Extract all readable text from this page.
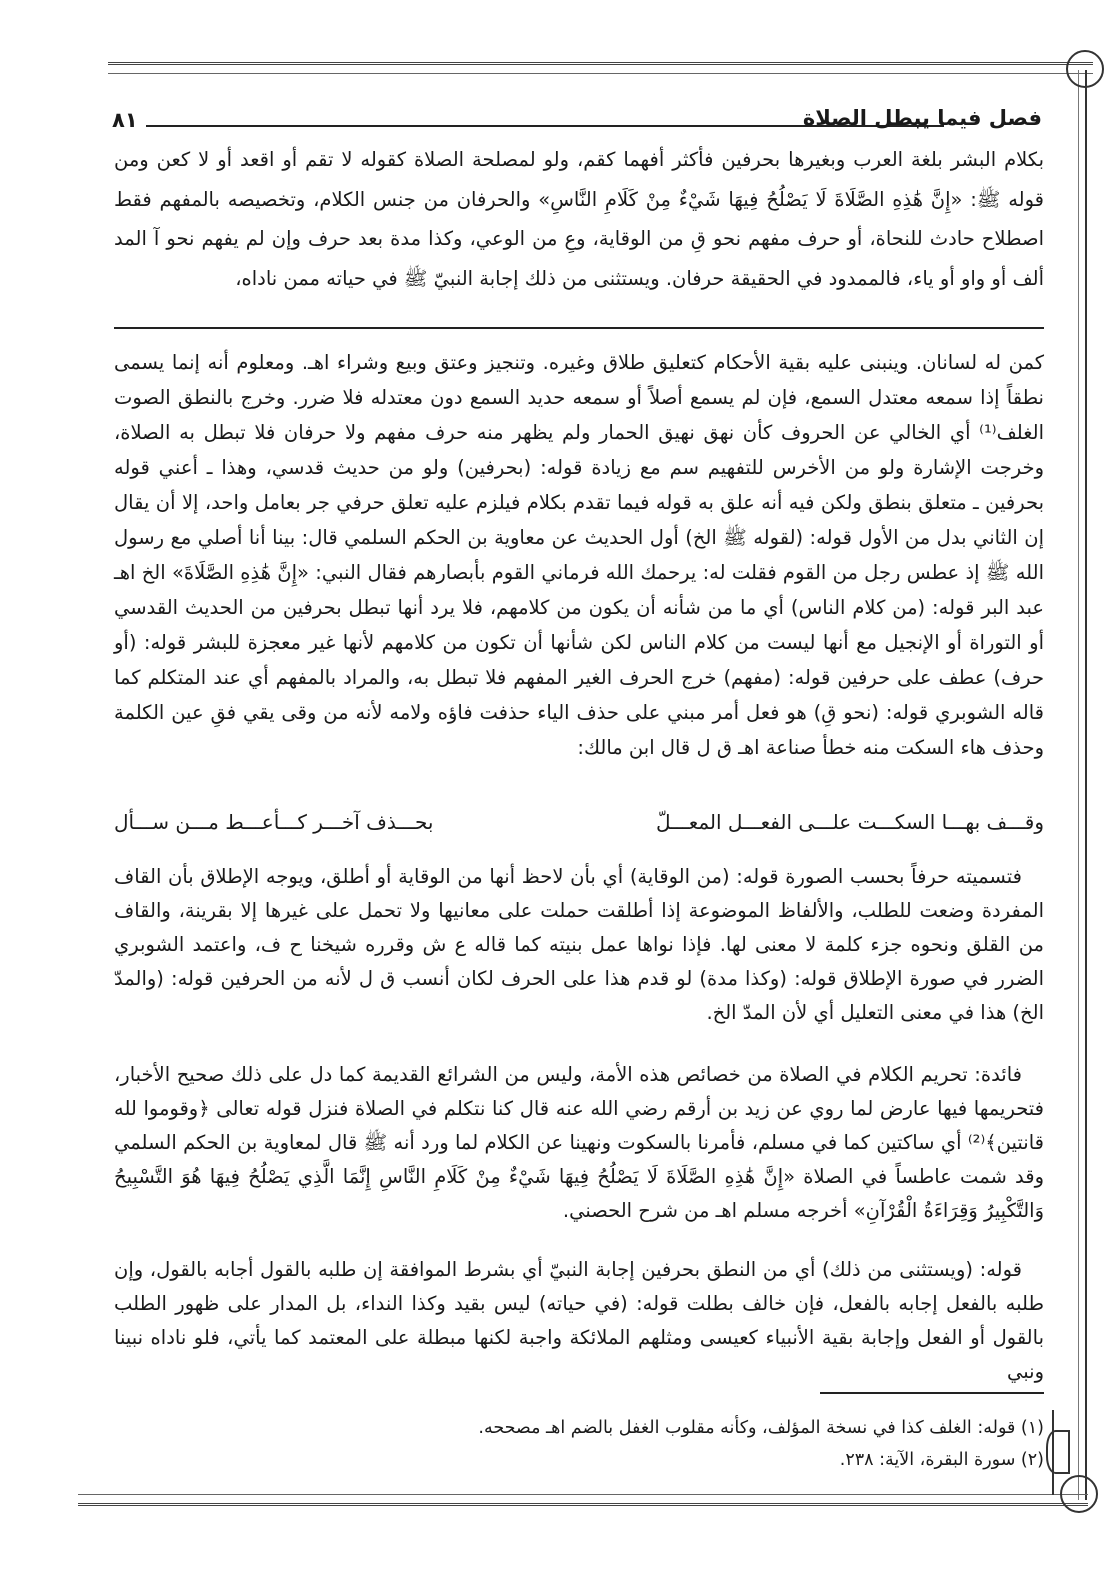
٨١	فصل فيما يبطل الصلاة

بكلام البشر بلغة العرب وبغيرها بحرفين فأكثر أفهما كقم، ولو لمصلحة الصلاة كقوله لا تقم أو اقعد أو لا كعن ومن قوله ﷺ: «إِنَّ هَٰذِهِ الصَّلَاةَ لَا يَصْلُحُ فِيهَا شَيْءٌ مِنْ كَلَامِ النَّاسِ» والحرفان من جنس الكلام، وتخصيصه بالمفهم فقط اصطلاح حادث للنحاة، أو حرف مفهم نحو قِ من الوقاية، وعِ من الوعي، وكذا مدة بعد حرف وإن لم يفهم نحو آ المد ألف أو واو أو ياء، فالممدود في الحقيقة حرفان. ويستثنى من ذلك إجابة النبيّ ﷺ في حياته ممن ناداه،

كمن له لسانان. وينبنى عليه بقية الأحكام كتعليق طلاق وغيره. وتنجيز وعتق وبيع وشراء اهـ. ومعلوم أنه إنما يسمى نطقاً إذا سمعه معتدل السمع، فإن لم يسمع أصلاً أو سمعه حديد السمع دون معتدله فلا ضرر. وخرج بالنطق الصوت الغلف⁽¹⁾ أي الخالي عن الحروف كأن نهق نهيق الحمار ولم يظهر منه حرف مفهم ولا حرفان فلا تبطل به الصلاة، وخرجت الإشارة ولو من الأخرس للتفهيم سم مع زيادة قوله: (بحرفين) ولو من حديث قدسي، وهذا ـ أعني قوله بحرفين ـ متعلق بنطق ولكن فيه أنه علق به قوله فيما تقدم بكلام فيلزم عليه تعلق حرفي جر بعامل واحد، إلا أن يقال إن الثاني بدل من الأول قوله: (لقوله ﷺ الخ) أول الحديث عن معاوية بن الحكم السلمي قال: بينا أنا أصلي مع رسول الله ﷺ إذ عطس رجل من القوم فقلت له: يرحمك الله فرماني القوم بأبصارهم فقال النبي: «إِنَّ هَٰذِهِ الصَّلَاةَ» الخ اهـ عبد البر قوله: (من كلام الناس) أي ما من شأنه أن يكون من كلامهم، فلا يرد أنها تبطل بحرفين من الحديث القدسي أو التوراة أو الإنجيل مع أنها ليست من كلام الناس لكن شأنها أن تكون من كلامهم لأنها غير معجزة للبشر قوله: (أو حرف) عطف على حرفين قوله: (مفهم) خرج الحرف الغير المفهم فلا تبطل به، والمراد بالمفهم أي عند المتكلم كما قاله الشوبري قوله: (نحو قِ) هو فعل أمر مبني على حذف الياء حذفت فاؤه ولامه لأنه من وقى يقي فقِ عين الكلمة وحذف هاء السكت منه خطأ صناعة اهـ ق ل قال ابن مالك:

وقـــف بهـــا السكـــت علـــى الفعـــل المعـــلّ
بحـــذف آخـــر كـــأعـــط مـــن ســـأل

فتسميته حرفاً بحسب الصورة قوله: (من الوقاية) أي بأن لاحظ أنها من الوقاية أو أطلق، ويوجه الإطلاق بأن القاف المفردة وضعت للطلب، والألفاظ الموضوعة إذا أطلقت حملت على معانيها ولا تحمل على غيرها إلا بقرينة، والقاف من القلق ونحوه جزء كلمة لا معنى لها. فإذا نواها عمل بنيته كما قاله ع ش وقرره شيخنا ح ف، واعتمد الشوبري الضرر في صورة الإطلاق قوله: (وكذا مدة) لو قدم هذا على الحرف لكان أنسب ق ل لأنه من الحرفين قوله: (والمدّ الخ) هذا في معنى التعليل أي لأن المدّ الخ.

فائدة: تحريم الكلام في الصلاة من خصائص هذه الأمة، وليس من الشرائع القديمة كما دل على ذلك صحيح الأخبار، فتحريمها فيها عارض لما روي عن زيد بن أرقم رضي الله عنه قال كنا نتكلم في الصلاة فنزل قوله تعالى ﴿وقوموا لله قانتين﴾⁽²⁾ أي ساكتين كما في مسلم، فأمرنا بالسكوت ونهينا عن الكلام لما ورد أنه ﷺ قال لمعاوية بن الحكم السلمي وقد شمت عاطساً في الصلاة «إِنَّ هَٰذِهِ الصَّلَاةَ لَا يَصْلُحُ فِيهَا شَيْءٌ مِنْ كَلَامِ النَّاسِ إِنَّمَا الَّذِي يَصْلُحُ فِيهَا هُوَ التَّسْبِيحُ وَالتَّكْبِيرُ وَقِرَاءَةُ الْقُرْآنِ» أخرجه مسلم اهـ من شرح الحصني.

قوله: (ويستثنى من ذلك) أي من النطق بحرفين إجابة النبيّ أي بشرط الموافقة إن طلبه بالقول أجابه بالقول، وإن طلبه بالفعل إجابه بالفعل، فإن خالف بطلت قوله: (في حياته) ليس بقيد وكذا النداء، بل المدار على ظهور الطلب بالقول أو الفعل وإجابة بقية الأنبياء كعيسى ومثلهم الملائكة واجبة لكنها مبطلة على المعتمد كما يأتي، فلو ناداه نبينا ونبي

(١) قوله: الغلف كذا في نسخة المؤلف، وكأنه مقلوب الغفل بالضم اهـ مصححه.

(٢) سورة البقرة، الآية: ٢٣٨.
